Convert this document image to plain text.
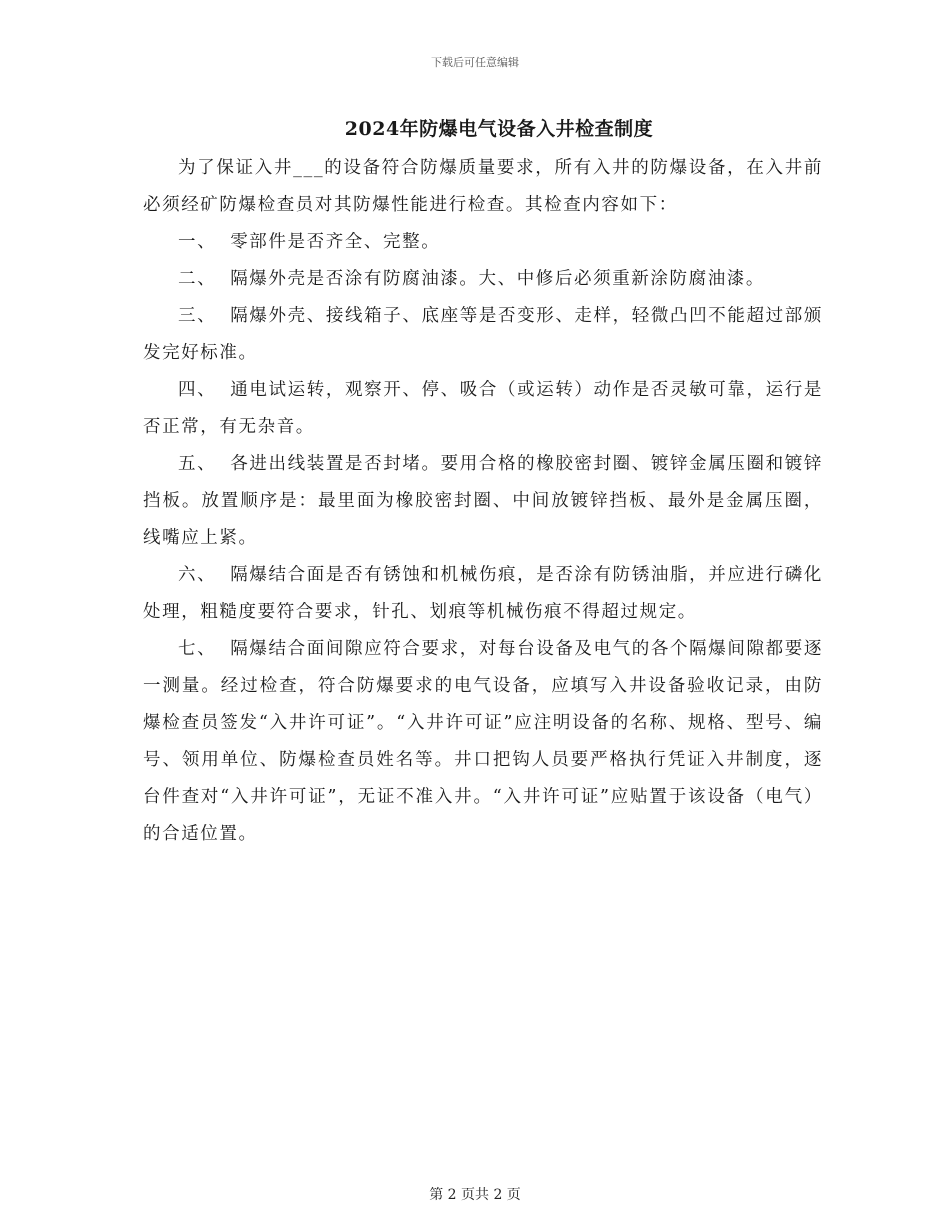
下载后可任意编辑
2024年防爆电气设备入井检查制度

为了保证入井___的设备符合防爆质量要求，所有入井的防爆设备，在入井前必须经矿防爆检查员对其防爆性能进行检查。其检查内容如下：

一、 零部件是否齐全、完整。

二、 隔爆外壳是否涂有防腐油漆。大、中修后必须重新涂防腐油漆。

三、 隔爆外壳、接线箱子、底座等是否变形、走样，轻微凸凹不能超过部颁发完好标准。

四、 通电试运转，观察开、停、吸合（或运转）动作是否灵敏可靠，运行是否正常，有无杂音。

五、 各进出线装置是否封堵。要用合格的橡胶密封圈、镀锌金属压圈和镀锌挡板。放置顺序是：最里面为橡胶密封圈、中间放镀锌挡板、最外是金属压圈，线嘴应上紧。

六、 隔爆结合面是否有锈蚀和机械伤痕，是否涂有防锈油脂，并应进行磷化处理，粗糙度要符合要求，针孔、划痕等机械伤痕不得超过规定。

七、 隔爆结合面间隙应符合要求，对每台设备及电气的各个隔爆间隙都要逐一测量。经过检查，符合防爆要求的电气设备，应填写入井设备验收记录，由防爆检查员签发“入井许可证”。“入井许可证”应注明设备的名称、规格、型号、编号、领用单位、防爆检查员姓名等。井口把钩人员要严格执行凭证入井制度，逐台件查对“入井许可证”，无证不准入井。“入井许可证”应贴置于该设备（电气）的合适位置。

第 2 页共 2 页
